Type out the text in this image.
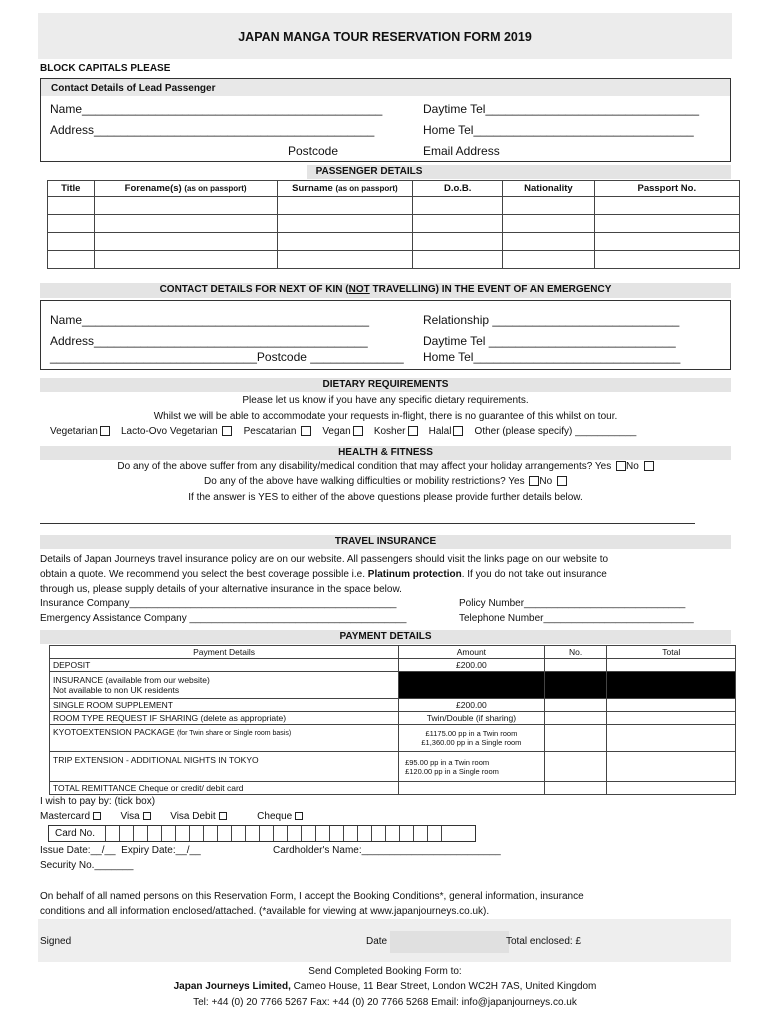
JAPAN MANGA TOUR RESERVATION FORM 2019
BLOCK CAPITALS PLEASE
Contact Details of Lead Passenger
Name_____________________________________________
Address__________________________________________
Postcode
Daytime Tel________________________________
Home Tel_________________________________
Email Address
PASSENGER DETAILS
Title	Forename(s) (as on passport)	Surname (as on passport)	D.o.B.	Nationality	Passport No.

CONTACT DETAILS FOR NEXT OF KIN (NOT TRAVELLING) IN THE EVENT OF AN EMERGENCY
Name___________________________________________
Address_________________________________________
_______________________________Postcode ______________
Relationship ____________________________
Daytime Tel ____________________________
Home Tel_______________________________
DIETARY REQUIREMENTS
Please let us know if you have any specific dietary requirements.
Whilst we will be able to accommodate your requests in-flight, there is no guarantee of this whilst on tour.
Vegetarian Lacto-Ovo Vegetarian	Pescatarian	Vegan Kosher Halal Other (please specify) ___________
HEALTH & FITNESS
Do any of the above suffer from any disability/medical condition that may affect your holiday arrangements? Yes No
Do any of the above have walking difficulties or mobility restrictions? Yes No
If the answer is YES to either of the above questions please provide further details below.
TRAVEL INSURANCE
Details of Japan Journeys travel insurance policy are on our website. All passengers should visit the links page on our website to
obtain a quote. We recommend you select the best coverage possible i.e. Platinum protection. If you do not take out insurance
through us, please supply details of your alternative insurance in the space below.
Insurance Company________________________________________________	Policy Number_____________________________
Emergency Assistance Company _______________________________________	Telephone Number___________________________
PAYMENT DETAILS
Payment Details	Amount	No.	Total
DEPOSIT	£200.00		

INSURANCE (available from our website)
Not available to non UK residents			

SINGLE ROOM SUPPLEMENT	£200.00		
ROOM TYPE REQUEST IF SHARING (delete as appropriate)	Twin/Double (if sharing)		
KYOTOEXTENSION PACKAGE (for Twin share or Single room basis)	£1175.00 pp in a Twin room
£1,360.00 pp in a Single room		

TRIP EXTENSION - ADDITIONAL NIGHTS IN TOKYO	£95.00 pp in a Twin room
£120.00 pp in a Single room		

TOTAL REMITTANCE Cheque or credit/ debit card			
I wish to pay by: (tick box)
Mastercard	Visa	Visa Debit	Cheque
Card No.
Issue Date:__/__ Expiry Date:__/__	Cardholder's Name:_________________________
Security No._______
On behalf of all named persons on this Reservation Form, I accept the Booking Conditions*, general information, insurance
conditions and all information enclosed/attached. (*available for viewing at www.japanjourneys.co.uk).
Signed	Date	Total enclosed: £
Send Completed Booking Form to:
Japan Journeys Limited, Cameo House, 11 Bear Street, London WC2H 7AS, United Kingdom
Tel: +44 (0) 20 7766 5267 Fax: +44 (0) 20 7766 5268 Email: info@japanjourneys.co.uk
